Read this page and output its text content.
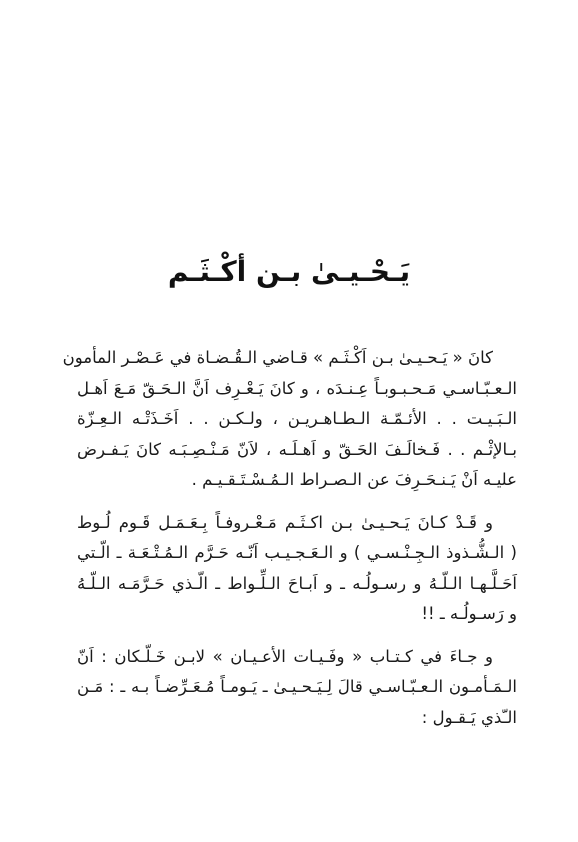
يَـحْـيـىٰ بـن أكْـثَـم
كانَ « يَـحـيـىٰ بـن اَكْـثَـم » قـاضي الـقُـضـاة في عَـصْـر المأمون
الـعـبّـاسـي مَـحـبـوبـاً عِـنـدَه ، و كانَ يَـعْـرِف اَنَّ الـحَـقّ مَـعَ اَهـل
الـبَـيـت . . الأئـمّـة الـطـاهـريـن ، ولـكـن . . اَخَـذَتْـه الـعِـزّة
بـالإثْـم . . فَـخالَـفَ الحَـقّ و اَهـلَـه ، لاَنّ مَـنْـصِـبَـه كانَ يَـفـرض
عليـه اَنْ يَـنـحَـرِفَ عن الـصـراط الـمُـسْـتَـقـيـم .
و قَـدْ كـانَ يَـحـيـىٰ بـن اكـثَـم مَـعْـروفـاً بِـعَـمَـل قَـوم لُـوط
( الـشُّـذوذ الـجِـنْـسـي ) و الـعَـجـيـب اَنّـه حَـرَّم الـمُـتْـعَـة ـ الّـتي
اَحَـلَّـهـا الـلّـهُ و رسـولُـه ـ و اَبـاحَ الـلِّـواط ـ الّـذي حَـرَّمَـه الـلّـهُ
و رَسـولُـه ـ !!
و جـاءَ في كـتـاب « وفَـيـات الأعـيـان » لابـن خَـلّـكان : اَنّ
الـمَـأمـون الـعـبّـاسـي قالَ لِـيَـحـيـىٰ ـ يَـومـاً مُـعَـرِّضـاً بـه ـ : مَـن
الـّذي يَـقـول :
